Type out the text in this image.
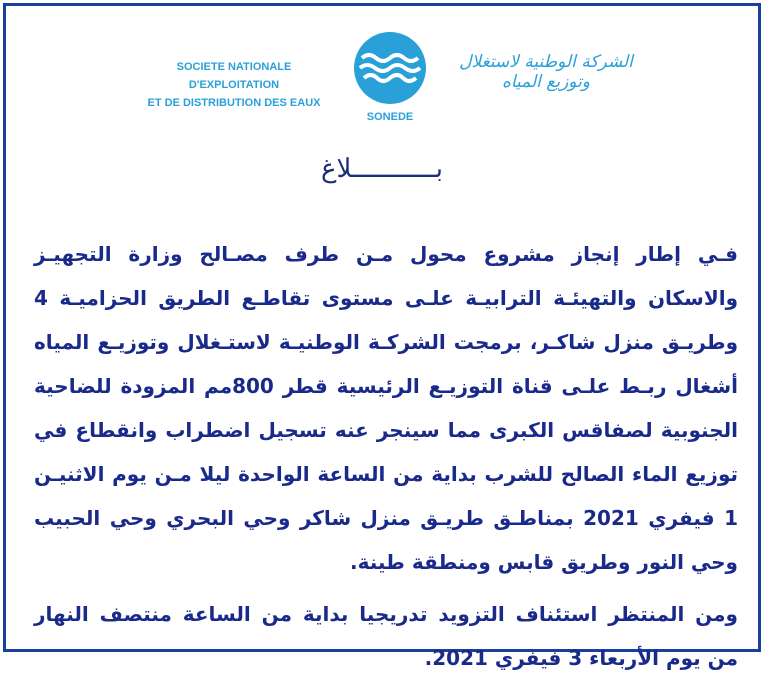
SOCIETE NATIONALE D'EXPLOITATION
ET DE DISTRIBUTION DES EAUX
SONEDE
الشركة الوطنية لاستغلال وتوزيع المياه
بـــــــــــلاغ

فـي إطار إنجاز مشروع محول مـن طرف مصـالح وزارة التجهيـز والاسكان والتهيئـة الترابيـة علـى مستوى تقاطـع الطريق الحزاميـة 4 وطريـق منزل شاكـر، برمجت الشركـة الوطنيـة لاستـغلال وتوزيـع المياه أشغال ربـط علـى قناة التوزيـع الرئيسية قطر 800مم المزودة للضاحية الجنوبية لصفاقس الكبرى مما سينجر عنه تسجيل اضطراب وانقطاع في توزيع الماء الصالح للشرب بداية من الساعة الواحدة ليلا مـن يوم الاثنيـن 1 فيفري 2021 بمناطـق طريـق منزل شاكر وحي البحري وحي الحبيب وحي النور وطريق قابس ومنطقة طينة.

ومن المنتظر استئناف التزويد تدريجيا بداية من الساعة منتصف النهار من يوم الأربعاء 3 فيفري 2021.
